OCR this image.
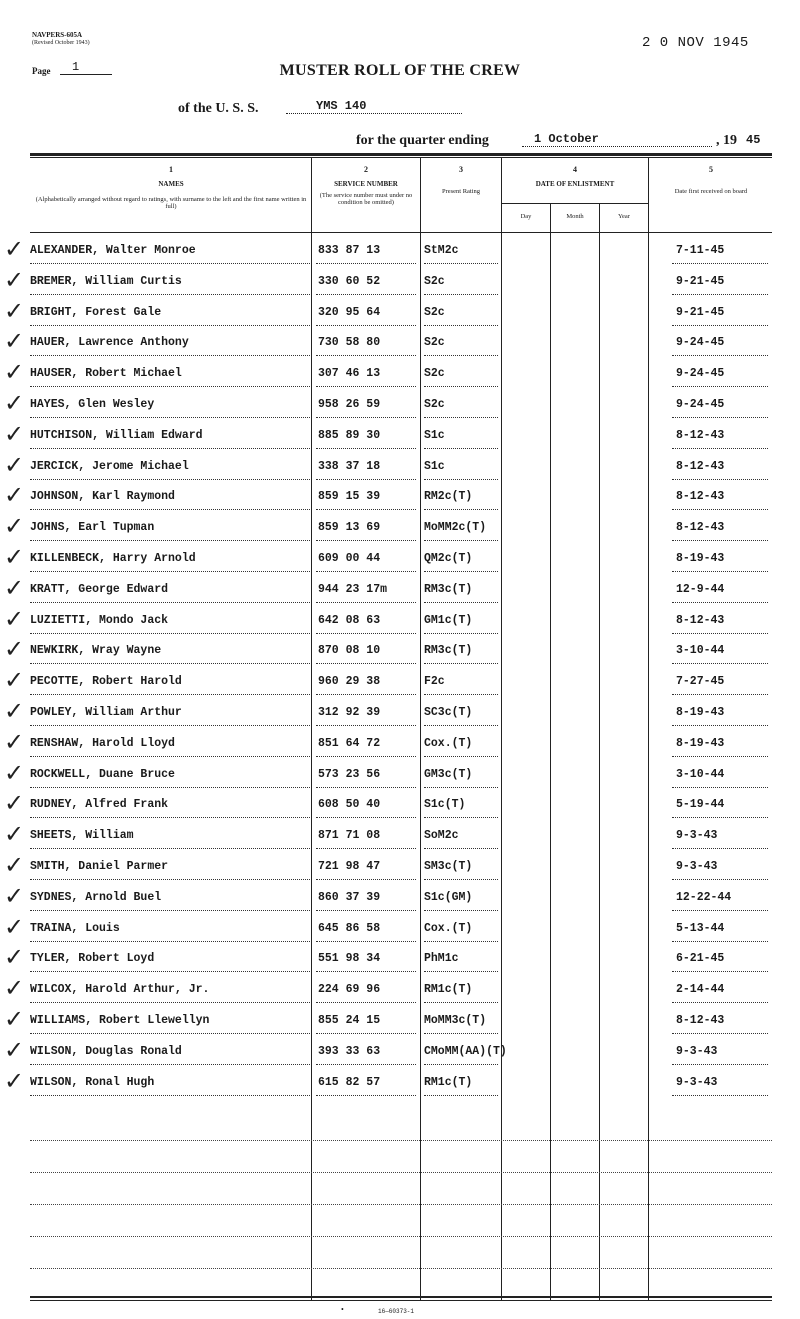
NAVPERS-605A
(Revised October 1943)	2 0 NOV 1945
Page	1	MUSTER ROLL OF THE CREW
of the U. S. S.	YMS 140
for the quarter ending	1 October	, 19 45
1
NAMES
(Alphabetically arranged without regard to ratings, with surname to the left and the first name written in full)
2
SERVICE NUMBER
(The service number must under no condition be omitted)
3
Present Rating
4
DATE OF ENLISTMENT
Day	Month	Year
5
Date first received on board
✓ ALEXANDER, Walter Monroe	833 87 13	StM2c	7-11-45
✓ BREMER, William Curtis	330 60 52	S2c	9-21-45
✓ BRIGHT, Forest Gale	320 95 64	S2c	9-21-45
✓ HAUER, Lawrence Anthony	730 58 80	S2c	9-24-45
✓ HAUSER, Robert Michael	307 46 13	S2c	9-24-45
✓ HAYES, Glen Wesley	958 26 59	S2c	9-24-45
✓ HUTCHISON, William Edward	885 89 30	S1c	8-12-43
✓ JERCICK, Jerome Michael	338 37 18	S1c	8-12-43
✓ JOHNSON, Karl Raymond	859 15 39	RM2c(T)	8-12-43
✓ JOHNS, Earl Tupman	859 13 69	MoMM2c(T)	8-12-43
✓ KILLENBECK, Harry Arnold	609 00 44	QM2c(T)	8-19-43
✓ KRATT, George Edward	944 23 17m	RM3c(T)	12-9-44
✓ LUZIETTI, Mondo Jack	642 08 63	GM1c(T)	8-12-43
✓ NEWKIRK, Wray Wayne	870 08 10	RM3c(T)	3-10-44
✓ PECOTTE, Robert Harold	960 29 38	F2c	7-27-45
✓ POWLEY, William Arthur	312 92 39	SC3c(T)	8-19-43
✓ RENSHAW, Harold Lloyd	851 64 72	Cox.(T)	8-19-43
✓ ROCKWELL, Duane Bruce	573 23 56	GM3c(T)	3-10-44
✓ RUDNEY, Alfred Frank	608 50 40	S1c(T)	5-19-44
✓ SHEETS, William	871 71 08	SoM2c	9-3-43
✓ SMITH, Daniel Parmer	721 98 47	SM3c(T)	9-3-43
✓ SYDNES, Arnold Buel	860 37 39	S1c(GM)	12-22-44
✓ TRAINA, Louis	645 86 58	Cox.(T)	5-13-44
✓ TYLER, Robert Loyd	551 98 34	PhM1c	6-21-45
✓ WILCOX, Harold Arthur, Jr.	224 69 96	RM1c(T)	2-14-44
✓ WILLIAMS, Robert Llewellyn	855 24 15	MoMM3c(T)	8-12-43
✓ WILSON, Douglas Ronald	393 33 63	CMoMM(AA)(T)	9-3-43
✓ WILSON, Ronal Hugh	615 82 57	RM1c(T)	9-3-43
•	16—60373-1
